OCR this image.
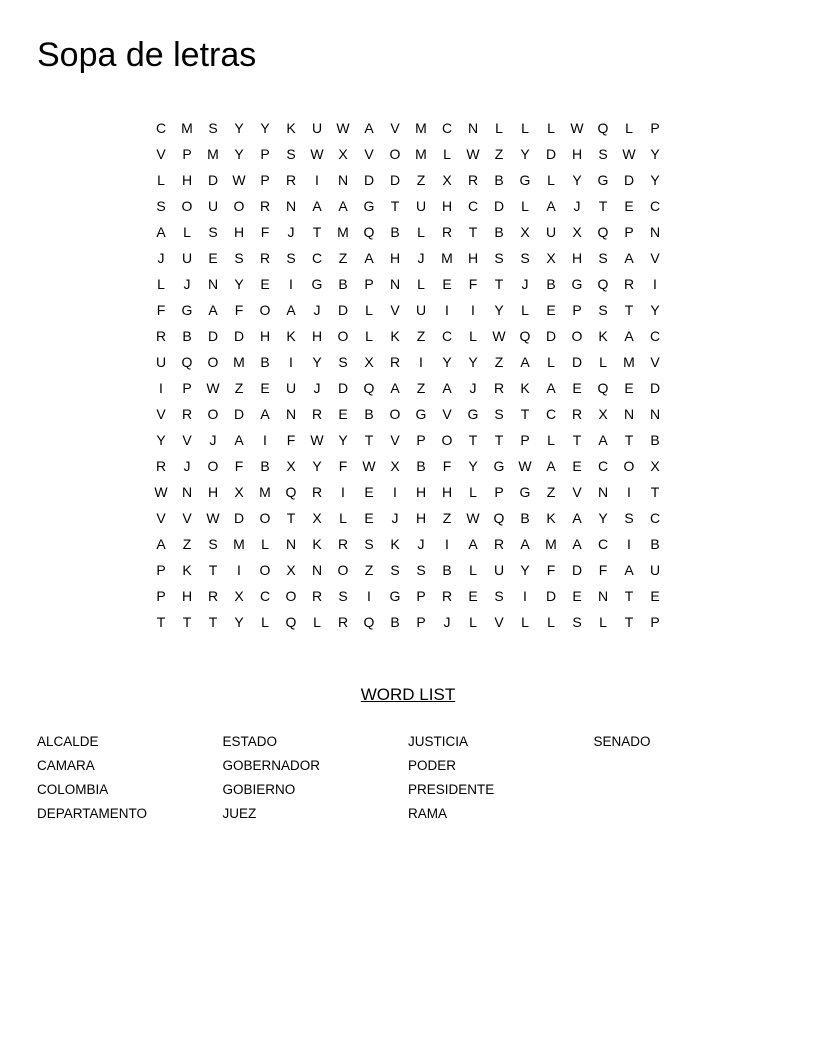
Sopa de letras
C	M	S	Y	Y	K	U	W	A	V	M	C	N	L	L	L	W Q	L	P
V	P	M	Y	P	S	W	X	V	O	M	L	W	Z	Y	D	H	S	W	Y
L	H	D	W	P	R	I	N	D	D	Z	X	R	B	G	L	Y	G	D	Y
S	O	U	O	R	N	A	A	G	T	U	H	C	D	L	A	J	T	E	C
A	L	S	H	F	J	T	M	Q	B	L	R	T	B	X	U	X	Q	P	N
J	U	E	S	R	S	C	Z	A	H	J	M	H	S	S	X	H	S	A	V
L	J	N	Y	E	I	G	B	P	N	L	E	F	T	J	B	G	Q	R	I
F	G	A	F	O	A	J	D	L	V	U	I	I	Y	L	E	P	S	T	Y
R	B	D	D	H	K	H	O	L	K	Z	C	L	W Q	D	O	K	A	C
U	Q	O	M	B	I	Y	S	X	R	I	Y	Y	Z	A	L	D	L	M	V
I	P	W	Z	E	U	J	D	Q	A	Z	A	J	R	K	A	E	Q	E	D
V	R	O	D	A	N	R	E	B	O	G	V	G	S	T	C	R	X	N	N
Y	V	J	A	I	F	W	Y	T	V	P	O	T	T	P	L	T	A	T	B
R	J	O	F	B	X	Y	F	W	X	B	F	Y	G W	A	E	C	O	X
W	N	H	X	M	Q	R	I	E	I	H	H	L	P	G	Z	V	N	I	T
V	V	W	D	O	T	X	L	E	J	H	Z	W Q	B	K	A	Y	S	C
A	Z	S	M	L	N	K	R	S	K	J	I	A	R	A	M	A	C	I	B
P	K	T	I	O	X	N	O	Z	S	S	B	L	U	Y	F	D	F	A	U
P	H	R	X	C	O	R	S	I	G	P	R	E	S	I	D	E	N	T	E
T	T	T	Y	L	Q	L	R	Q	B	P	J	L	V	L	L	S	L	T	P
WORD LIST
ALCALDE
CAMARA
COLOMBIA
DEPARTAMENTO
ESTADO
GOBERNADOR
GOBIERNO
JUEZ
JUSTICIA
PODER
PRESIDENTE
RAMA
SENADO
